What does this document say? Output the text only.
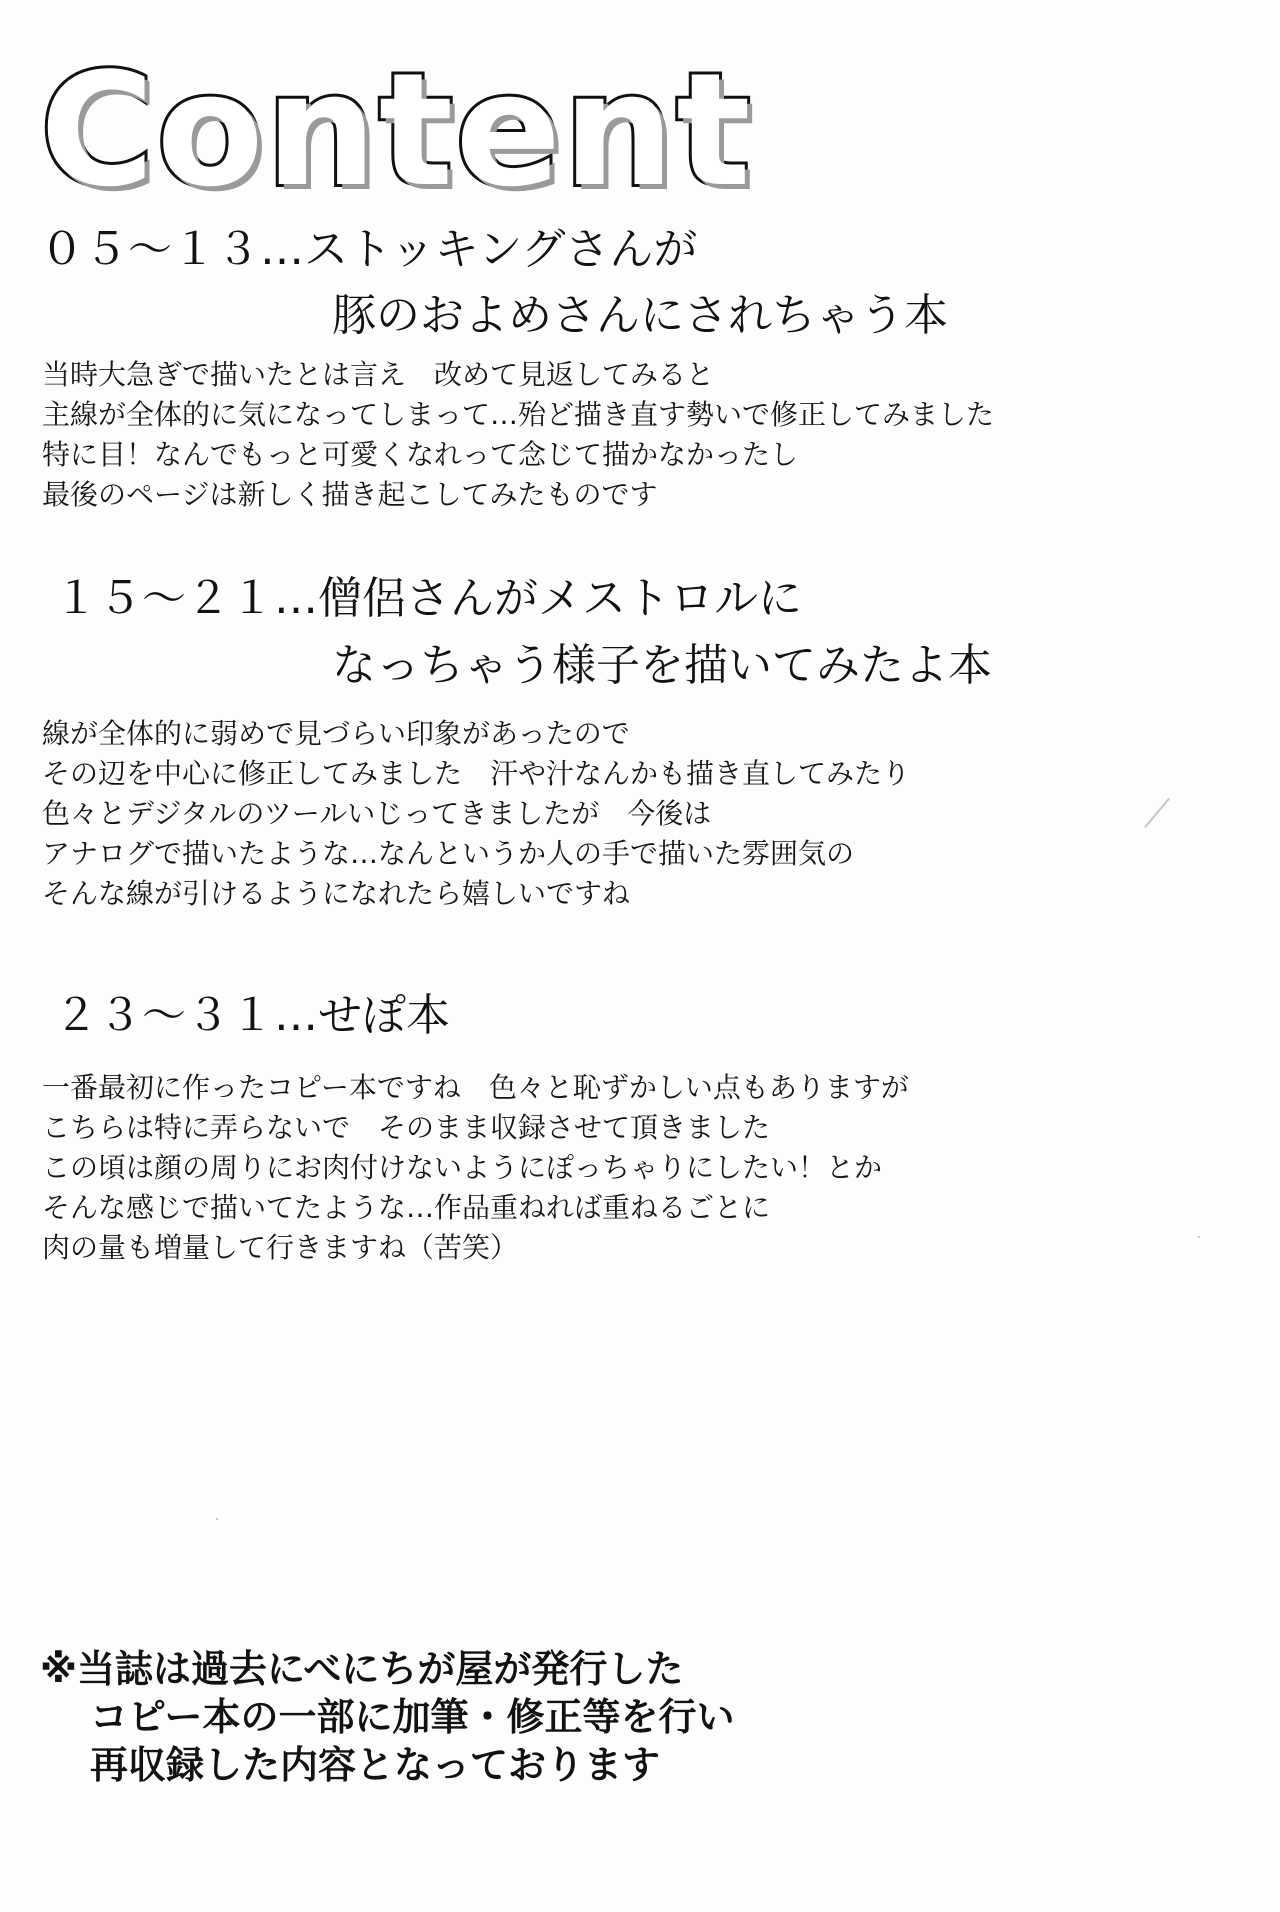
Content
０５～１３…ストッキングさんが
豚のおよめさんにされちゃう本
当時大急ぎで描いたとは言え　改めて見返してみると
主線が全体的に気になってしまって…殆ど描き直す勢いで修正してみました
特に目！なんでもっと可愛くなれって念じて描かなかったし
最後のページは新しく描き起こしてみたものです
１５～２１…僧侶さんがメストロルに
なっちゃう様子を描いてみたよ本
線が全体的に弱めで見づらい印象があったので
その辺を中心に修正してみました　汗や汁なんかも描き直してみたり
色々とデジタルのツールいじってきましたが　今後は
アナログで描いたような…なんというか人の手で描いた雰囲気の
そんな線が引けるようになれたら嬉しいですね
２３～３１…せぽ本
一番最初に作ったコピー本ですね　色々と恥ずかしい点もありますが
こちらは特に弄らないで　そのまま収録させて頂きました
この頃は顔の周りにお肉付けないようにぽっちゃりにしたい！とか
そんな感じで描いてたような…作品重ねれば重ねるごとに
肉の量も増量して行きますね（苦笑）
※当誌は過去にべにちが屋が発行した
コピー本の一部に加筆・修正等を行い
再収録した内容となっております
